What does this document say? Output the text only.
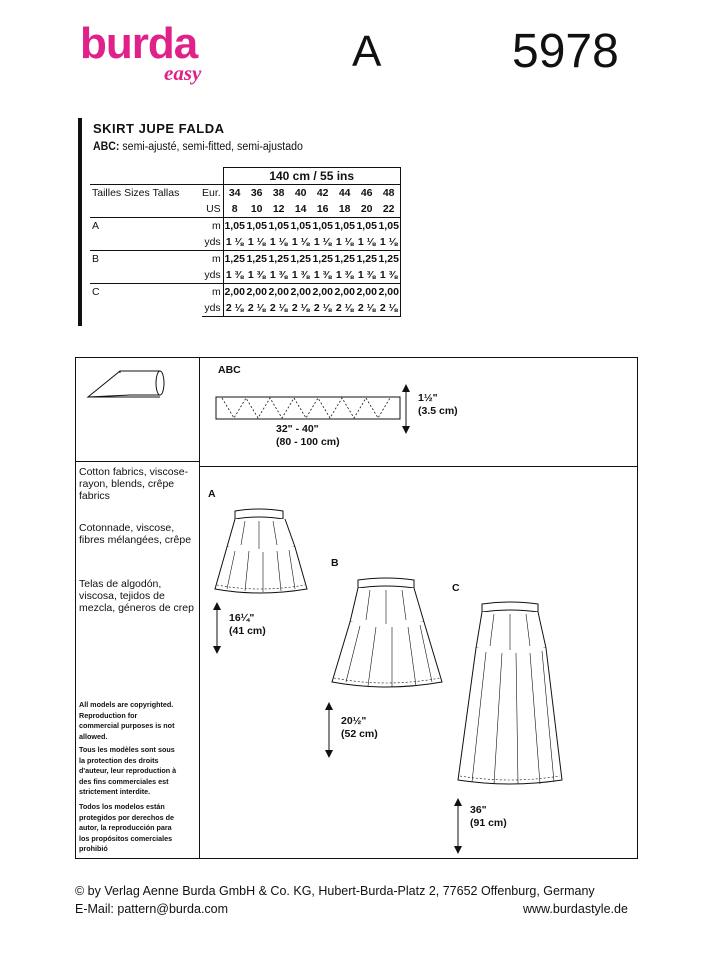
burda
easy	A	5978
SKIRT JUPE FALDA
ABC: semi-ajusté, semi-fitted, semi-ajustado
		140 cm / 55 ins							
Tailles Sizes Tallas	Eur.	34	36	38	40	42	44	46	48
	US	8	10	12	14	16	18	20	22
A	m	1,05	1,05	1,05	1,05	1,05	1,05	1,05	1,05
	yds	1 ⅛	1 ⅛	1 ⅛	1 ⅛	1 ⅛	1 ⅛	1 ⅛	1 ⅛
B	m	1,25	1,25	1,25	1,25	1,25	1,25	1,25	1,25
	yds	1 ⅜	1 ⅜	1 ⅜	1 ⅜	1 ⅜	1 ⅜	1 ⅜	1 ⅜
C	m	2,00	2,00	2,00	2,00	2,00	2,00	2,00	2,00
	yds	2 ⅛	2 ⅛	2 ⅛	2 ⅛	2 ⅛	2 ⅛	2 ⅛	2 ⅛
Cotton fabrics, viscose-rayon, blends, crêpe fabrics
Cotonnade, viscose, fibres mélangées, crêpe
Telas de algodón, viscosa, tejidos de mezcla, géneros de crep
All models are copyrighted. Reproduction for commercial purposes is not allowed.
Tous les modèles sont sous la protection des droits d'auteur, leur reproduction à des fins commerciales est strictement interdite.
Todos los modelos están protegidos por derechos de autor, la reproducción para los propósitos comerciales prohibió
ABC
1½"
(3.5 cm)
32" - 40"
(80 - 100 cm)
A
B
C
16¼"
(41 cm)
20½"
(52 cm)
36"
(91 cm)
© by Verlag Aenne Burda GmbH & Co. KG, Hubert-Burda-Platz 2, 77652 Offenburg, Germany
E-Mail: pattern@burda.com	www.burdastyle.de
